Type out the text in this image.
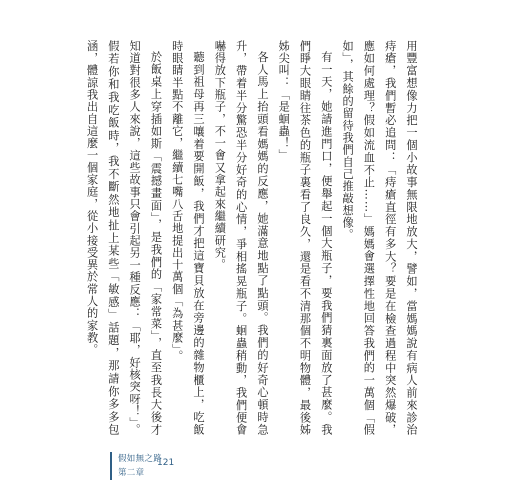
用豐富想像力把一個小故事無限地放大，譬如，當媽媽說有病人前來診治痔瘡，我們暫必追問：「痔瘡直徑有多大？要是在檢查過程中突然爆破，應如何處理？假如流血不止……」媽媽會選擇性地回答我們的一萬個「假如」，其餘的留待我們自己推敲想像。

有一天，她請進門口，便舉起一個大瓶子，要我們猜裏面放了甚麼。我們睜大眼睛往茶色的瓶子裏看了良久，還是看不清那個不明物體，最後姊姊尖叫：「是蛔蟲！」

各人馬上抬頭看媽媽的反應，她滿意地點了點頭。我們的好奇心頓時急升，帶着半分驚恐半分好奇的心情，爭相搖晃瓶子。蛔蟲稍動，我們便會嚇得放下瓶子，不一會又拿起來繼續研究。

聽到祖母再三嚷着要開飯，我們才把這寶貝放在旁邊的雜物櫃上，吃飯時眼睛半點不離它，繼續七嘴八舌地提出十萬個「為甚麼」。

於飯桌上穿插如斯「震撼畫面」，是我們的「家常菜」，直至我長大後才知道對很多人來說，這些故事只會引起另一種反應：「耶，好核突呀！」。假若你和我吃飯時，我不斷然地扯上某些「敏感」話題，那請你多多包涵，體諒我出自這麼一個家庭，從小接受異於常人的家教。

假如無之路
第二章
121
